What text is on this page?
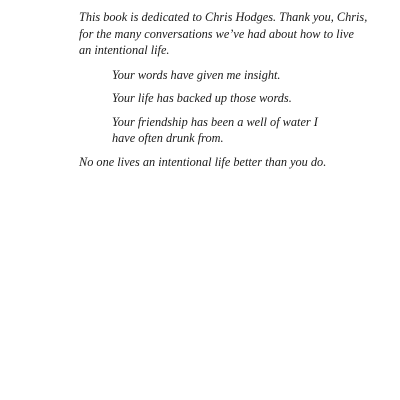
This book is dedicated to Chris Hodges. Thank you, Chris, for the many conversations we’ve had about how to live an intentional life.

Your words have given me insight.

Your life has backed up those words.

Your friendship has been a well of water I have often drunk from.

No one lives an intentional life better than you do.
